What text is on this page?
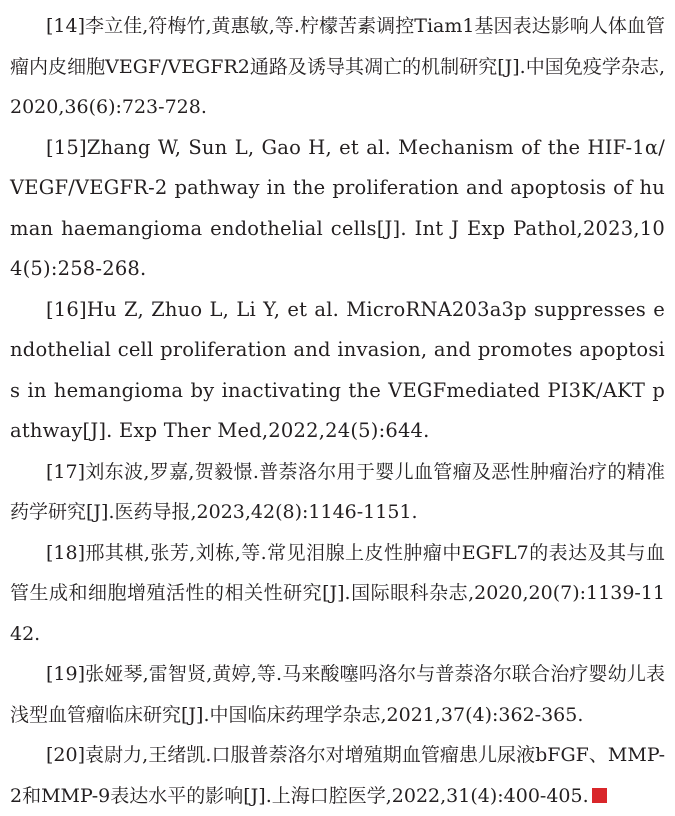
[14]李立佳,符梅竹,黄惠敏,等.柠檬苦素调控Tiam1基因表达影响人体血管瘤内皮细胞VEGF/VEGFR2通路及诱导其凋亡的机制研究[J].中国免疫学杂志,2020,36(6):723-728.

[15]Zhang W, Sun L, Gao H, et al. Mechanism of the HIF-1α/VEGF/VEGFR-2 pathway in the proliferation and apoptosis of human haemangioma endothelial cells[J]. Int J Exp Pathol,2023,104(5):258-268.

[16]Hu Z, Zhuo L, Li Y, et al. MicroRNA203a3p suppresses endothelial cell proliferation and invasion, and promotes apoptosis in hemangioma by inactivating the VEGFmediated PI3K/AKT pathway[J]. Exp Ther Med,2022,24(5):644.

[17]刘东波,罗嘉,贺毅憬.普萘洛尔用于婴儿血管瘤及恶性肿瘤治疗的精准药学研究[J].医药导报,2023,42(8):1146-1151.

[18]邢其棋,张芳,刘栋,等.常见泪腺上皮性肿瘤中EGFL7的表达及其与血管生成和细胞增殖活性的相关性研究[J].国际眼科杂志,2020,20(7):1139-1142.

[19]张娅琴,雷智贤,黄婷,等.马来酸噻吗洛尔与普萘洛尔联合治疗婴幼儿表浅型血管瘤临床研究[J].中国临床药理学杂志,2021,37(4):362-365.

[20]袁尉力,王绪凯.口服普萘洛尔对增殖期血管瘤患儿尿液bFGF、MMP-2和MMP-9表达水平的影响[J].上海口腔医学,2022,31(4):400-405.
